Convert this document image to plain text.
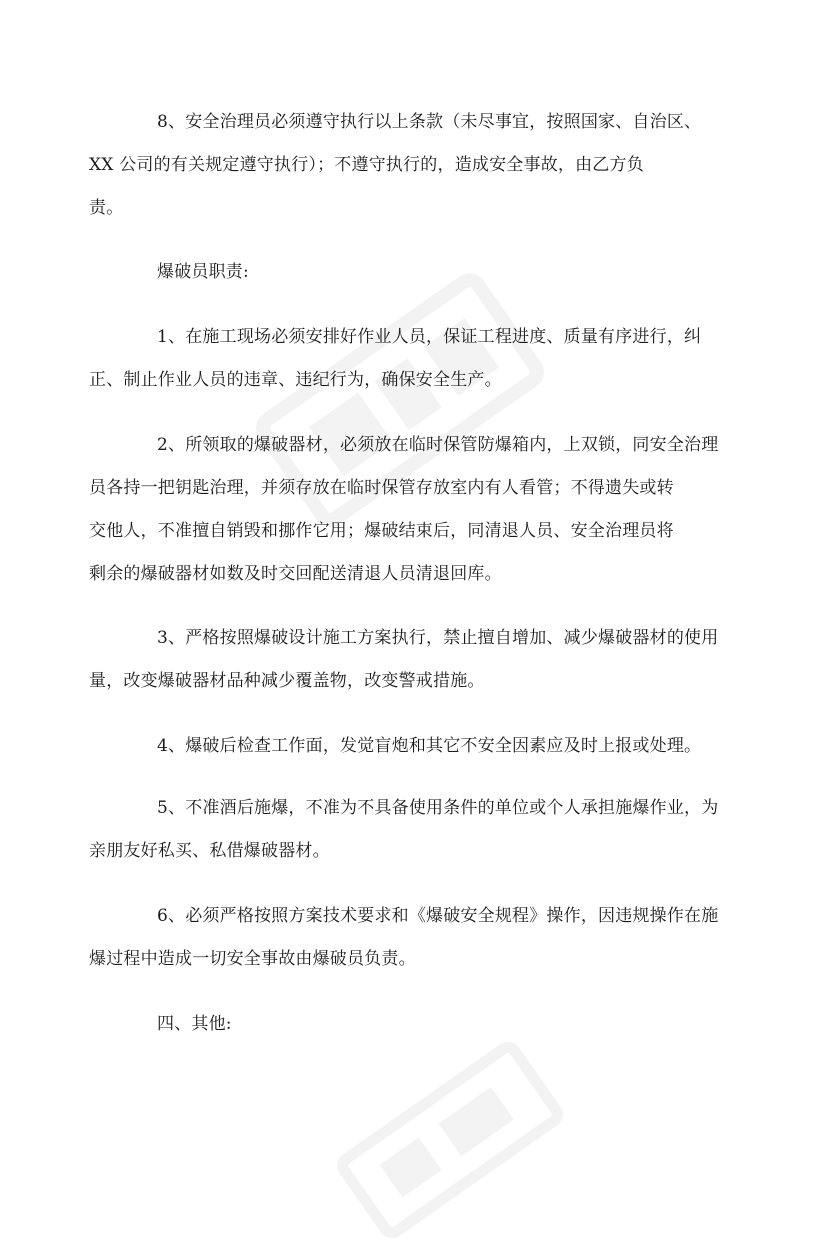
8、安全治理员必须遵守执行以上条款（未尽事宜，按照国家、自治区、
XX 公司的有关规定遵守执行）；不遵守执行的，造成安全事故，由乙方负
责。

爆破员职责:

1、在施工现场必须安排好作业人员，保证工程进度、质量有序进行，纠
正、制止作业人员的违章、违纪行为，确保安全生产。

2、所领取的爆破器材，必须放在临时保管防爆箱内，上双锁，同安全治理
员各持一把钥匙治理，并须存放在临时保管存放室内有人看管；不得遗失或转
交他人，不准擅自销毁和挪作它用；爆破结束后，同清退人员、安全治理员将
剩余的爆破器材如数及时交回配送清退人员清退回库。

3、严格按照爆破设计施工方案执行，禁止擅自增加、减少爆破器材的使用
量，改变爆破器材品种减少覆盖物，改变警戒措施。

4、爆破后检查工作面，发觉盲炮和其它不安全因素应及时上报或处理。

5、不准酒后施爆，不准为不具备使用条件的单位或个人承担施爆作业，为
亲朋友好私买、私借爆破器材。

6、必须严格按照方案技术要求和《爆破安全规程》操作，因违规操作在施
爆过程中造成一切安全事故由爆破员负责。

四、其他:
